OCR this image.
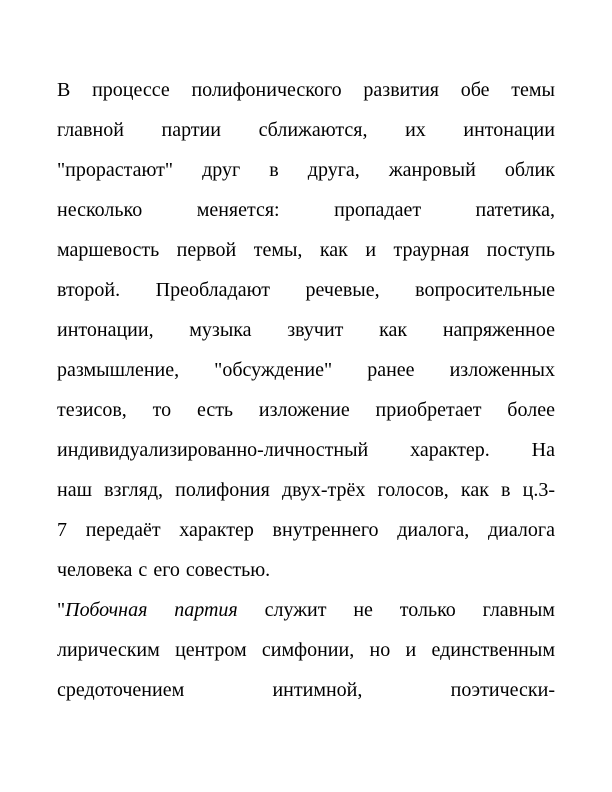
В процессе полифонического развития обе темы
главной партии сближаются, их интонации
"прорастают" друг в друга, жанровый облик
несколько	меняется:	пропадает	патетика,
маршевость первой темы, как и траурная поступь
второй. Преобладают речевые, вопросительные
интонации, музыка звучит как напряженное
размышление, "обсуждение" ранее изложенных
тезисов, то есть изложение приобретает более
индивидуализированно-личностный характер. На
наш взгляд, полифония двух-трёх голосов, как в ц.3-
7 передаёт характер внутреннего диалога, диалога
человека с его совестью.
"Побочная партия служит не только главным
лирическим центром симфонии, но и единственным
средоточением	интимной,	поэтически-
